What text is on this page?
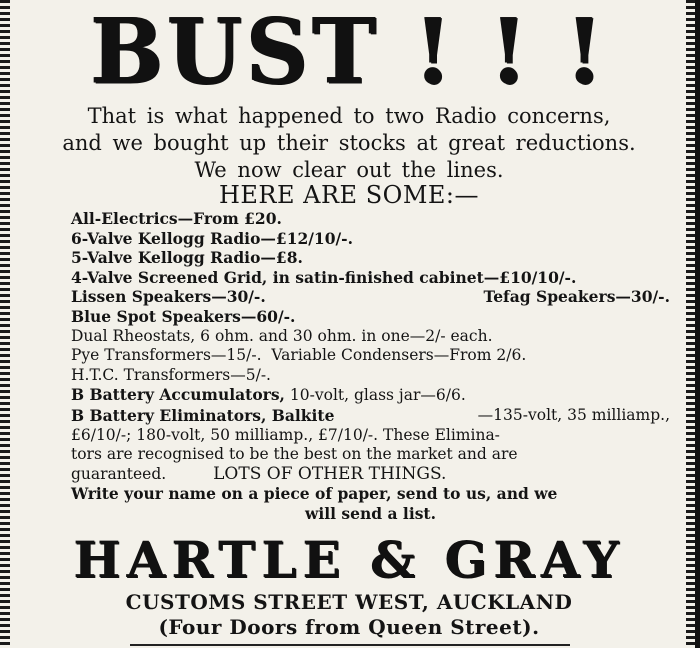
BUST ! ! !
That is what happened to two Radio concerns,
and we bought up their stocks at great reductions.
We now clear out the lines.
HERE ARE SOME:—
All-Electrics—From £20.
6-Valve Kellogg Radio—£12/10/-.
5-Valve Kellogg Radio—£8.
4-Valve Screened Grid, in satin-finished cabinet—£10/10/-.
Lissen Speakers—30/-.	Tefag Speakers—30/-.
Blue Spot Speakers—60/-.
Dual Rheostats, 6 ohm. and 30 ohm. in one—2/- each.
Pye Transformers—15/-. Variable Condensers—From 2/6.
H.T.C. Transformers—5/-.
B Battery Accumulators, 10-volt, glass jar—6/6.
B Battery Eliminators, Balkite	—135-volt, 35 milliamp.,
£6/10/-; 180-volt, 50 milliamp., £7/10/-. These Elimina-
tors are recognised to be the best on the market and are
guaranteed.	LOTS OF OTHER THINGS.
Write your name on a piece of paper, send to us, and we
will send a list.
HARTLE & GRAY
CUSTOMS STREET WEST, AUCKLAND
(Four Doors from Queen Street).
